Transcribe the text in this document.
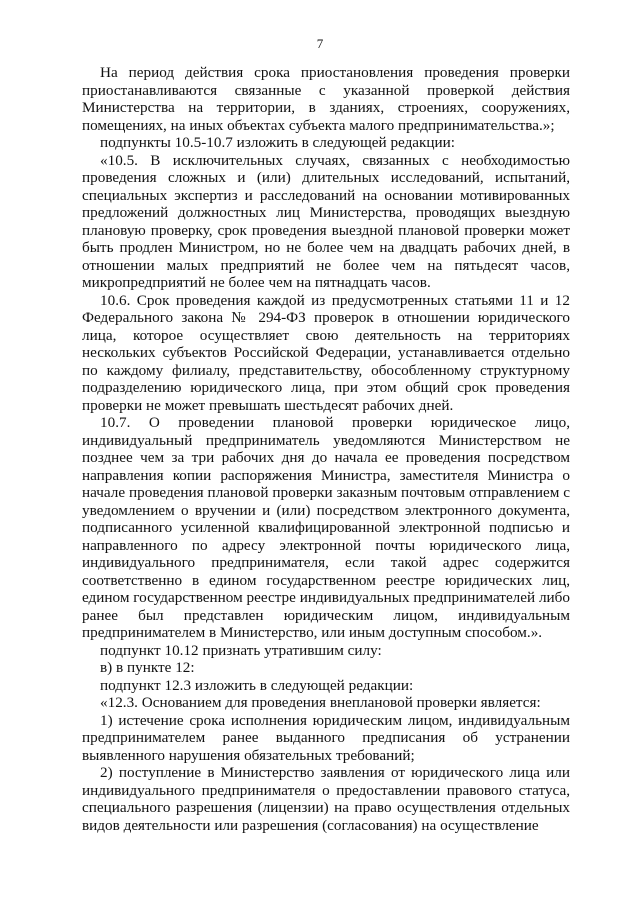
7

На период действия срока приостановления проведения проверки приостанавливаются связанные с указанной проверкой действия Министерства на территории, в зданиях, строениях, сооружениях, помещениях, на иных объектах субъекта малого предпринимательства.»;

подпункты 10.5-10.7 изложить в следующей редакции:

«10.5. В исключительных случаях, связанных с необходимостью проведения сложных и (или) длительных исследований, испытаний, специальных экспертиз и расследований на основании мотивированных предложений должностных лиц Министерства, проводящих выездную плановую проверку, срок проведения выездной плановой проверки может быть продлен Министром, но не более чем на двадцать рабочих дней, в отношении малых предприятий не более чем на пятьдесят часов, микропредприятий не более чем на пятнадцать часов.

10.6. Срок проведения каждой из предусмотренных статьями 11 и 12 Федерального закона № 294-ФЗ проверок в отношении юридического лица, которое осуществляет свою деятельность на территориях нескольких субъектов Российской Федерации, устанавливается отдельно по каждому филиалу, представительству, обособленному структурному подразделению юридического лица, при этом общий срок проведения проверки не может превышать шестьдесят рабочих дней.

10.7. О проведении плановой проверки юридическое лицо, индивидуальный предприниматель уведомляются Министерством не позднее чем за три рабочих дня до начала ее проведения посредством направления копии распоряжения Министра, заместителя Министра о начале проведения плановой проверки заказным почтовым отправлением с уведомлением о вручении и (или) посредством электронного документа, подписанного усиленной квалифицированной электронной подписью и направленного по адресу электронной почты юридического лица, индивидуального предпринимателя, если такой адрес содержится соответственно в едином государственном реестре юридических лиц, едином государственном реестре индивидуальных предпринимателей либо ранее был представлен юридическим лицом, индивидуальным предпринимателем в Министерство, или иным доступным способом.».

подпункт 10.12 признать утратившим силу:

в) в пункте 12:

подпункт 12.3 изложить в следующей редакции:

«12.3. Основанием для проведения внеплановой проверки является:

1) истечение срока исполнения юридическим лицом, индивидуальным предпринимателем ранее выданного предписания об устранении выявленного нарушения обязательных требований;

2) поступление в Министерство заявления от юридического лица или индивидуального предпринимателя о предоставлении правового статуса, специального разрешения (лицензии) на право осуществления отдельных видов деятельности или разрешения (согласования) на осуществление
